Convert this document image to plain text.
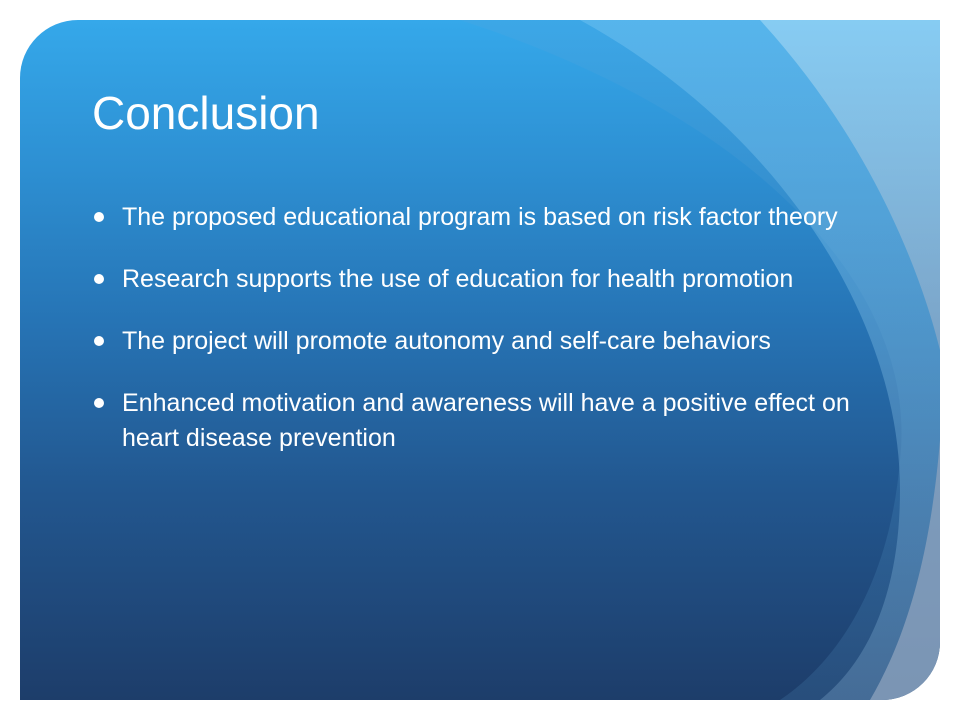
Conclusion
The proposed educational program is based on risk factor theory
Research supports the use of education for health promotion
The project will promote autonomy and self-care behaviors
Enhanced motivation and awareness will have a positive effect on heart disease prevention
